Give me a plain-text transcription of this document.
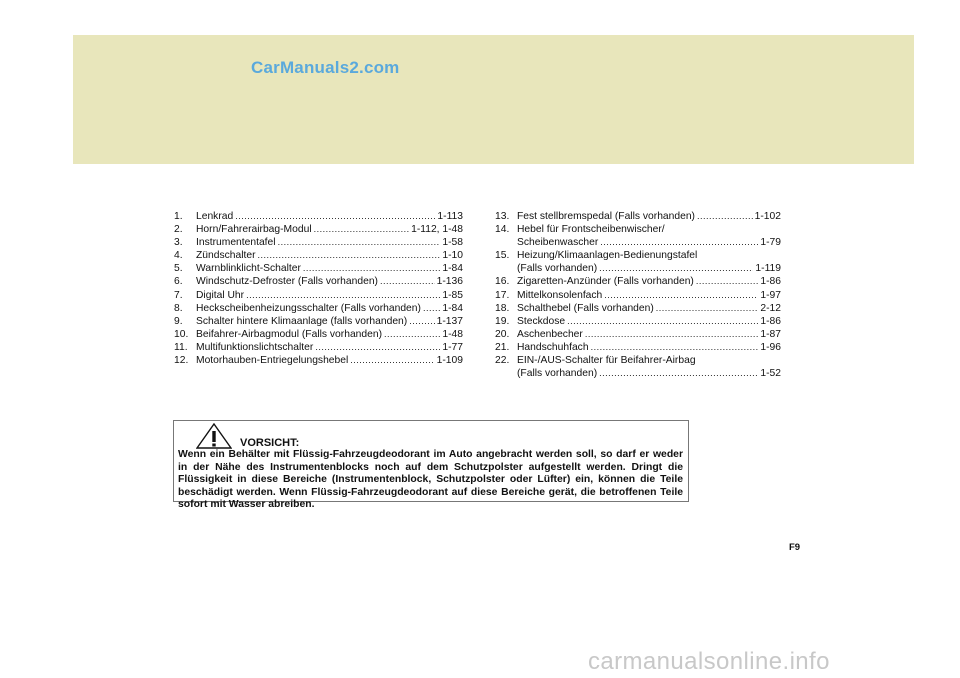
CarManuals2.com
1.	Lenkrad .....	1-113
2.	Horn/Fahrerairbag-Modul .....	1-112, 1-48
3.	Instrumententafel .....	1-58
4.	Zündschalter .....	1-10
5.	Warnblinklicht-Schalter .....	1-84
6.	Windschutz-Defroster (Falls vorhanden) .....	1-136
7.	Digital Uhr .....	1-85
8.	Heckscheibenheizungsschalter (Falls vorhanden) ..... 1-84
9.	Schalter hintere Klimaanlage (falls vorhanden) .....	1-137
10. Beifahrer-Airbagmodul (Falls vorhanden) .....	1-48
11. Multifunktionslichtschalter .....	1-77
12. Motorhauben-Entriegelungshebel .....	1-109
13. Fest stellbremspedal (Falls vorhanden) .....	1-102
14. Hebel für Frontscheibenwischer/
Scheibenwascher .....	1-79
15. Heizung/Klimaanlagen-Bedienungstafel
(Falls vorhanden) .....	1-119
16. Zigaretten-Anzünder (Falls vorhanden) .....	1-86
17. Mittelkonsolenfach .....	1-97
18. Schalthebel (Falls vorhanden) .....	2-12
19. Steckdose .....	1-86
20. Aschenbecher .....	1-87
21. Handschuhfach .....	1-96
22. EIN-/AUS-Schalter für Beifahrer-Airbag
(Falls vorhanden) .....	1-52
VORSICHT:
Wenn ein Behälter mit Flüssig-Fahrzeugdeodorant im Auto angebracht werden soll, so darf er weder in der Nähe des Instrumentenblocks noch auf dem Schutzpolster aufgestellt werden. Dringt die Flüssigkeit in diese Bereiche (Instrumentenblock, Schutzpolster oder Lüfter) ein, können die Teile beschädigt werden. Wenn Flüssig-Fahrzeugdeodorant auf diese Bereiche gerät, die betroffenen Teile sofort mit Wasser abreiben.
F9
carmanualsonline.info
